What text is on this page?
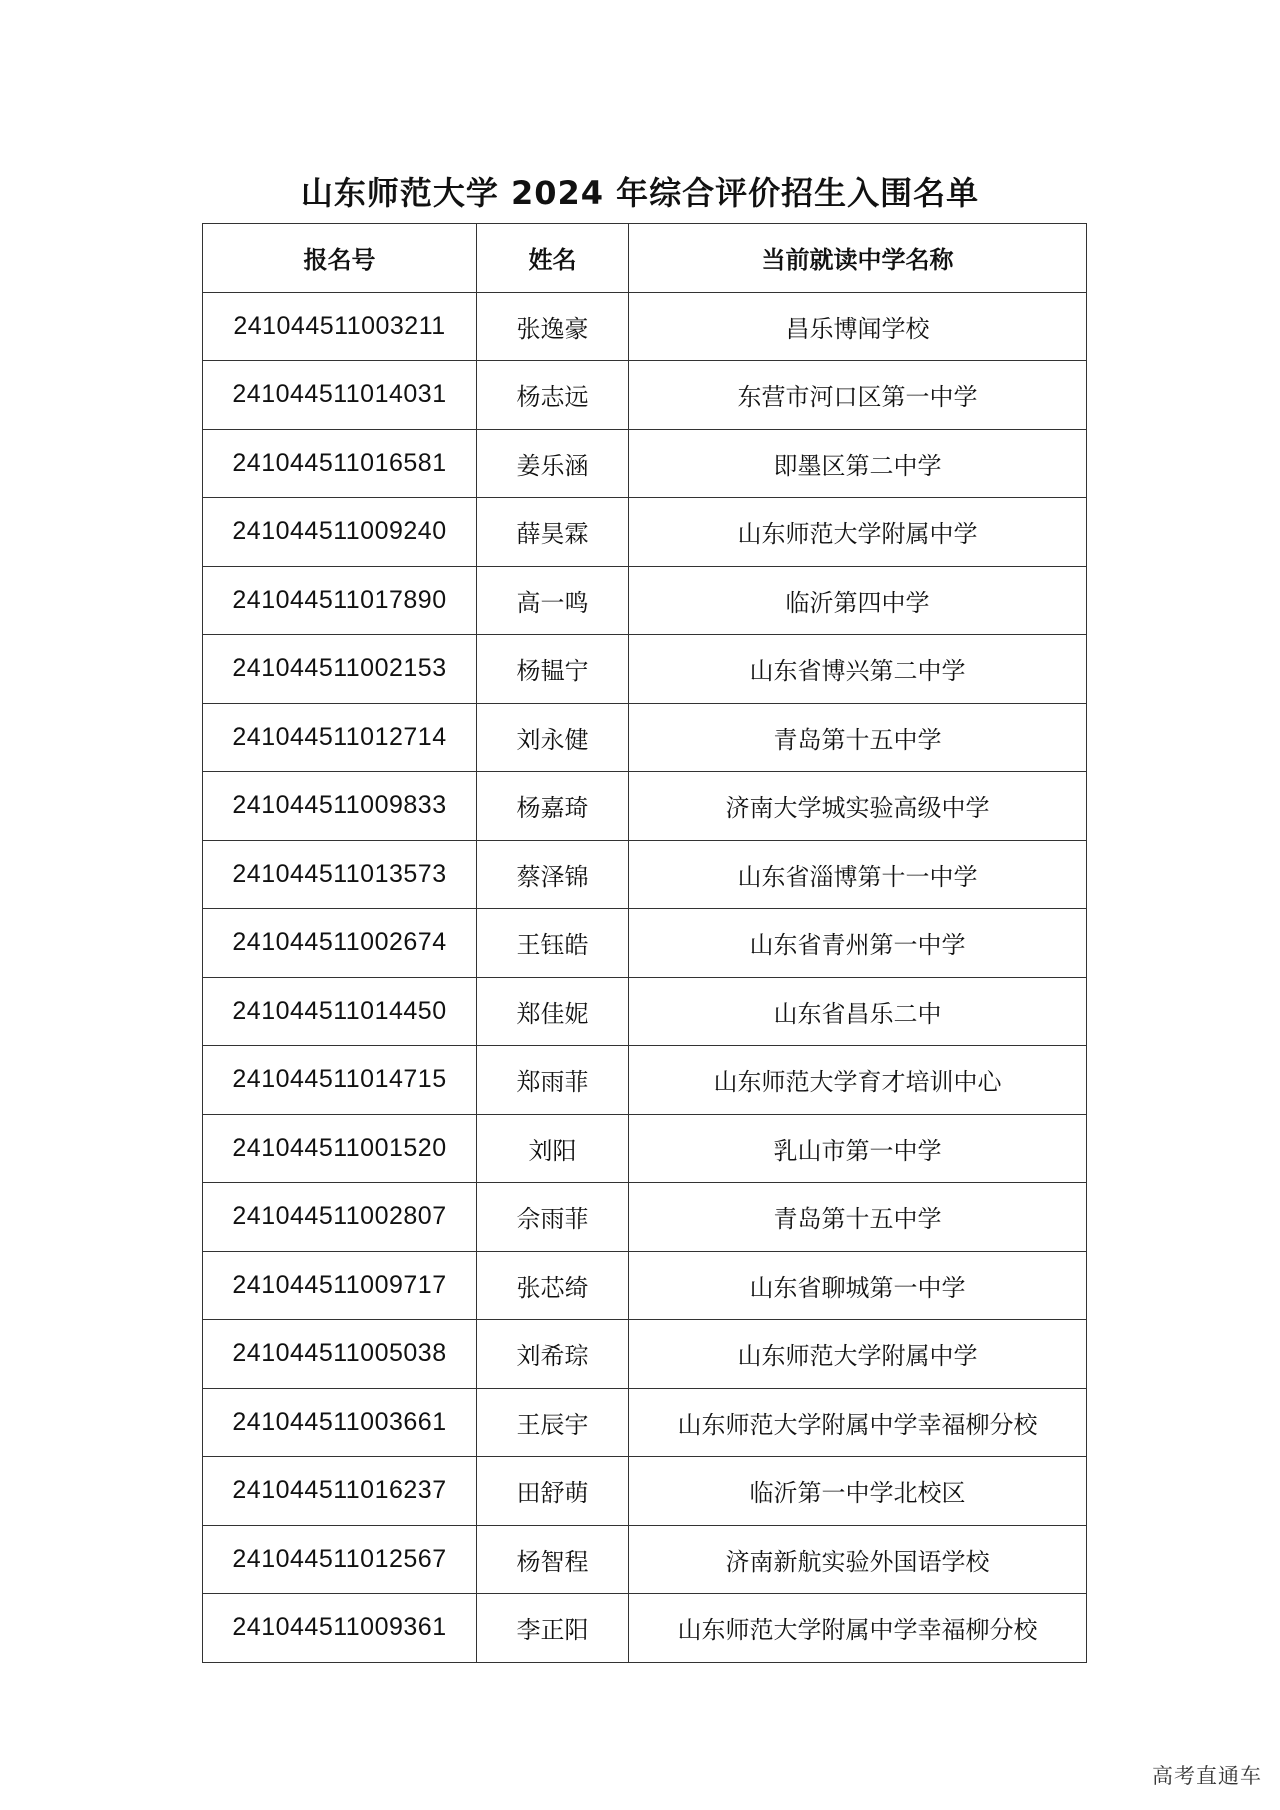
山东师范大学 2024 年综合评价招生入围名单
报名号	姓名	当前就读中学名称
241044511003211	张逸豪	昌乐博闻学校
241044511014031	杨志远	东营市河口区第一中学
241044511016581	姜乐涵	即墨区第二中学
241044511009240	薛昊霖	山东师范大学附属中学
241044511017890	高一鸣	临沂第四中学
241044511002153	杨韫宁	山东省博兴第二中学
241044511012714	刘永健	青岛第十五中学
241044511009833	杨嘉琦	济南大学城实验高级中学
241044511013573	蔡泽锦	山东省淄博第十一中学
241044511002674	王钰皓	山东省青州第一中学
241044511014450	郑佳妮	山东省昌乐二中
241044511014715	郑雨菲	山东师范大学育才培训中心
241044511001520	刘阳	乳山市第一中学
241044511002807	佘雨菲	青岛第十五中学
241044511009717	张芯绮	山东省聊城第一中学
241044511005038	刘希琮	山东师范大学附属中学
241044511003661	王辰宇	山东师范大学附属中学幸福柳分校
241044511016237	田舒萌	临沂第一中学北校区
241044511012567	杨智程	济南新航实验外国语学校
241044511009361	李正阳	山东师范大学附属中学幸福柳分校
高考直通车
